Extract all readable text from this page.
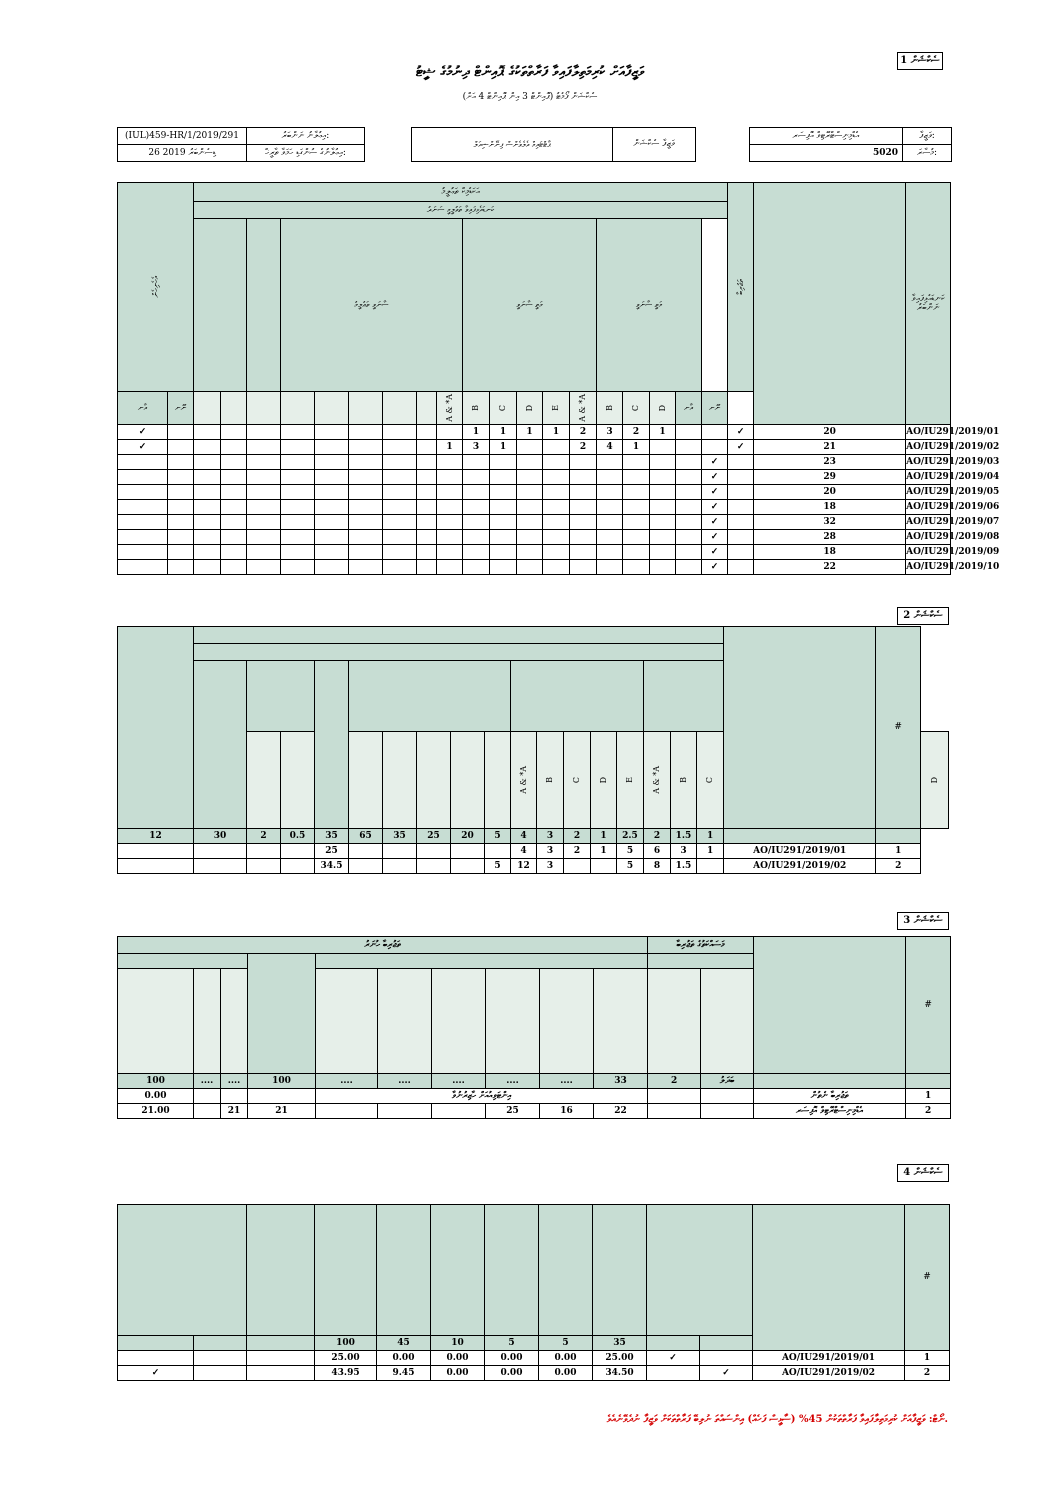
ސެކްޝަން 1
ވަޒީފާއަށް ކުރިމަތިލާފައިވާ ފަރާތްތަކުގެ ޕޮއިންޓް ދިނުމުގެ ޝީޓު
ސެކްޝަން ފޯމެޓު (ޕޮއިންޓް 3 އިން ޕޮއިންޓް 4 އަށް)
(IUL)459-HR/1/2019/291	އިޢުލާނު ނަންބަރު:
26 ޑިސެންބަރު 2019	އިޢުލާނުގެ ސުންގަޑި ހަމަވާ ތާރީޚް:
ޕާޓްޓައިމް އެލެވެންސް ފިނޭންޝިއަލް	ވަޒީފާ ސެކްޝަން
އެޑްމިނިސްޓްރޭޓިވް އޮފިސަރ	ވަޒީފާ:
5020	މުސާރަ:
އެހެނިހެން		އަކަޑެމިކް ތަޢުލީމު																			ތަޖުރިބާ		ކަނޑައެޅިފައިވާ ނަންބަރު	
		ކަނޑައެޅިފައިވާ ތަޢުލީމީ ސަނަދު																						
					ސާނަވީ ތަޢުލީމު						މަތީ ސާނަވީ					މަތީ ސާނަވީ								
އާނ	ނޫނ									A & *A	B	C	D	E	A & *A	B	C	D	އާނ	ނޫނ				
✓											1	1	1	1	2	3	2	1			✓	20	AO/IU291/2019/01	
✓										1	3	1			2	4	1				✓	21	AO/IU291/2019/02	
																				✓		23	AO/IU291/2019/03	
																				✓		29	AO/IU291/2019/04	
																				✓		20	AO/IU291/2019/05	
																				✓		18	AO/IU291/2019/06	
																				✓		32	AO/IU291/2019/07	
																				✓		28	AO/IU291/2019/08	
																				✓		18	AO/IU291/2019/09	
																				✓		22	AO/IU291/2019/10	
ސެކްޝަން 2
																			#	

										A & *A	B	C	D	E	A & *A	B	C			D

12	30	2	0.5	35	65	35	25	20	5	4	3	2	1	2.5	2	1.5	1			
				25						4	3	2	1	5	6	3	1	AO/IU291/2019/01	1	
				34.5					5	12	3			5	8	1.5		AO/IU291/2019/02	2	
ސެކްޝަން 3
ތަޖުރިބާ ހުނަރު										މަސައްކަތުގެ ތަޖުރިބާ			#

100	....	....	100	....	....	....	....	....	33	2	ބަދަލު		
0.00				އިންޓަވިއުއަށް ހާޒިރުނުވާ								ތަޖުރިބާ ނެތުން	1
21.00		21	21				25	16	22			އެޑްމިނިސްޓްރޭޓިވް އޮފިސަރ	2
ސެކްޝަން 4
												#
			100	45	10	5	5	35				
			25.00	0.00	0.00	0.00	0.00	25.00	✓		AO/IU291/2019/01	1
✓			43.95	9.45	0.00	0.00	0.00	34.50		✓	AO/IU291/2019/02	2
ނޯޓް: ވަޒީފާއަށް ކުރިމަތިލާފައިވާ ފަރާތްތަކުން 45% (ސާޅީސް ފަހެއް) އިންސައްތަ ނުލިބޭ ފަރާތްތަކަށް ވަޒީފާ ނުދެވޭނެއެވެ.
